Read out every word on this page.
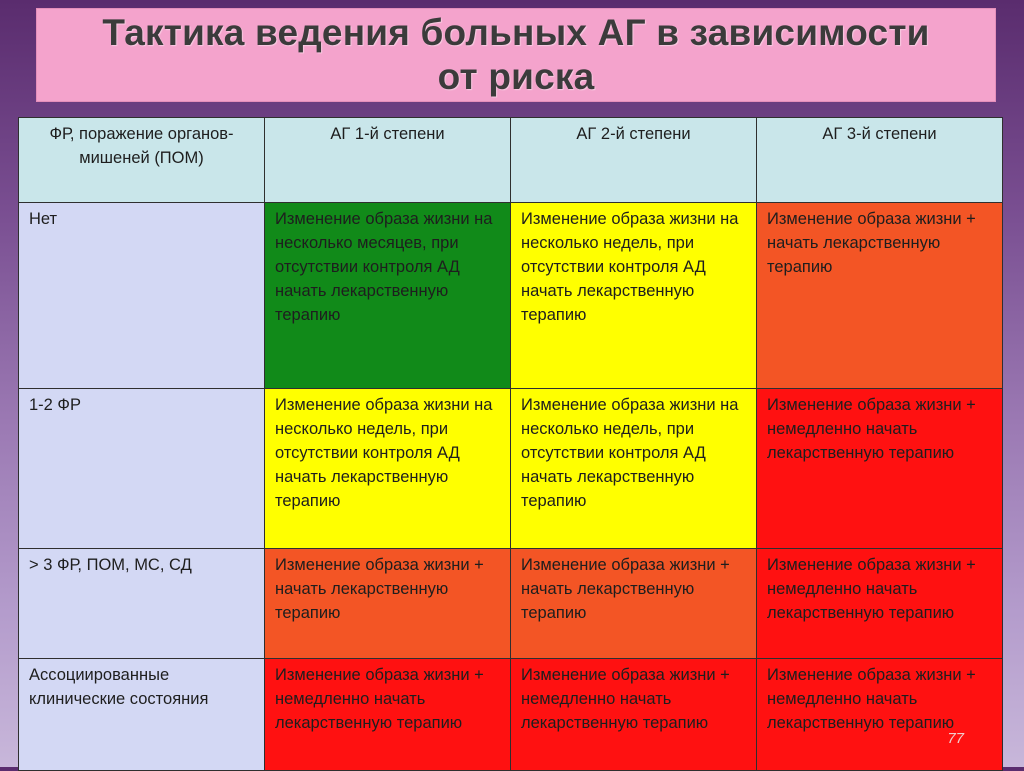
Тактика ведения больных АГ в зависимости
от риска
ФР, поражение органов-мишеней (ПОМ)	АГ 1-й степени	АГ 2-й степени	АГ 3-й степени

Нет	Изменение образа жизни на несколько месяцев, при отсутствии контроля АД начать лекарственную терапию	Изменение образа жизни на несколько недель, при отсутствии контроля АД начать лекарственную терапию	Изменение образа жизни + начать лекарственную терапию

1-2 ФР	Изменение образа жизни на несколько недель, при отсутствии контроля АД начать лекарственную терапию	Изменение образа жизни на несколько недель, при отсутствии контроля АД начать лекарственную терапию	Изменение образа жизни + немедленно начать лекарственную терапию

> 3 ФР, ПОМ, МС, СД	Изменение образа жизни + начать лекарственную терапию	Изменение образа жизни + начать лекарственную терапию	Изменение образа жизни + немедленно начать лекарственную терапию

Ассоциированные клинические состояния	Изменение образа жизни + немедленно начать лекарственную терапию	Изменение образа жизни + немедленно начать лекарственную терапию	Изменение образа жизни + немедленно начать лекарственную терапию
77
